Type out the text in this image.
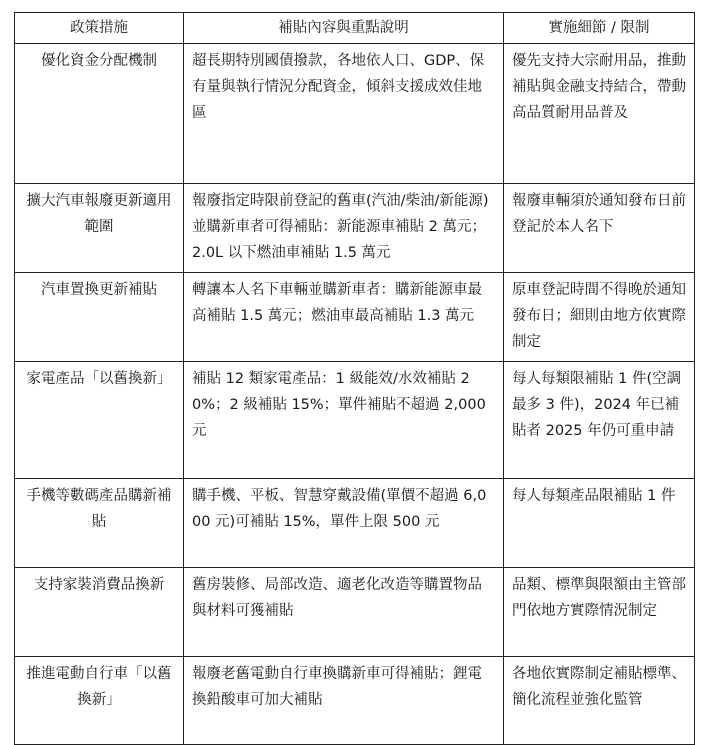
政策措施	補貼內容與重點說明	實施細節 / 限制
優化資金分配機制	超長期特別國債撥款，各地依人口、GDP、保有量與執行情況分配資金，傾斜支援成效佳地區	優先支持大宗耐用品，推動補貼與金融支持結合，帶動高品質耐用品普及
擴大汽車報廢更新適用範圍	報廢指定時限前登記的舊車(汽油/柴油/新能源)並購新車者可得補貼：新能源車補貼 2 萬元；2.0L 以下燃油車補貼 1.5 萬元	報廢車輛須於通知發布日前登記於本人名下
汽車置換更新補貼	轉讓本人名下車輛並購新車者：購新能源車最高補貼 1.5 萬元；燃油車最高補貼 1.3 萬元	原車登記時間不得晚於通知發布日；細則由地方依實際制定
家電產品「以舊換新」	補貼 12 類家電產品：1 級能效/水效補貼 20%；2 級補貼 15%；單件補貼不超過 2,000 元	每人每類限補貼 1 件(空調最多 3 件)，2024 年已補貼者 2025 年仍可重申請
手機等數碼產品購新補貼	購手機、平板、智慧穿戴設備(單價不超過 6,000 元)可補貼 15%，單件上限 500 元	每人每類產品限補貼 1 件
支持家裝消費品換新	舊房裝修、局部改造、適老化改造等購置物品與材料可獲補貼	品類、標準與限額由主管部門依地方實際情況制定
推進電動自行車「以舊換新」	報廢老舊電動自行車換購新車可得補貼；鋰電換鉛酸車可加大補貼	各地依實際制定補貼標準、簡化流程並強化監管
